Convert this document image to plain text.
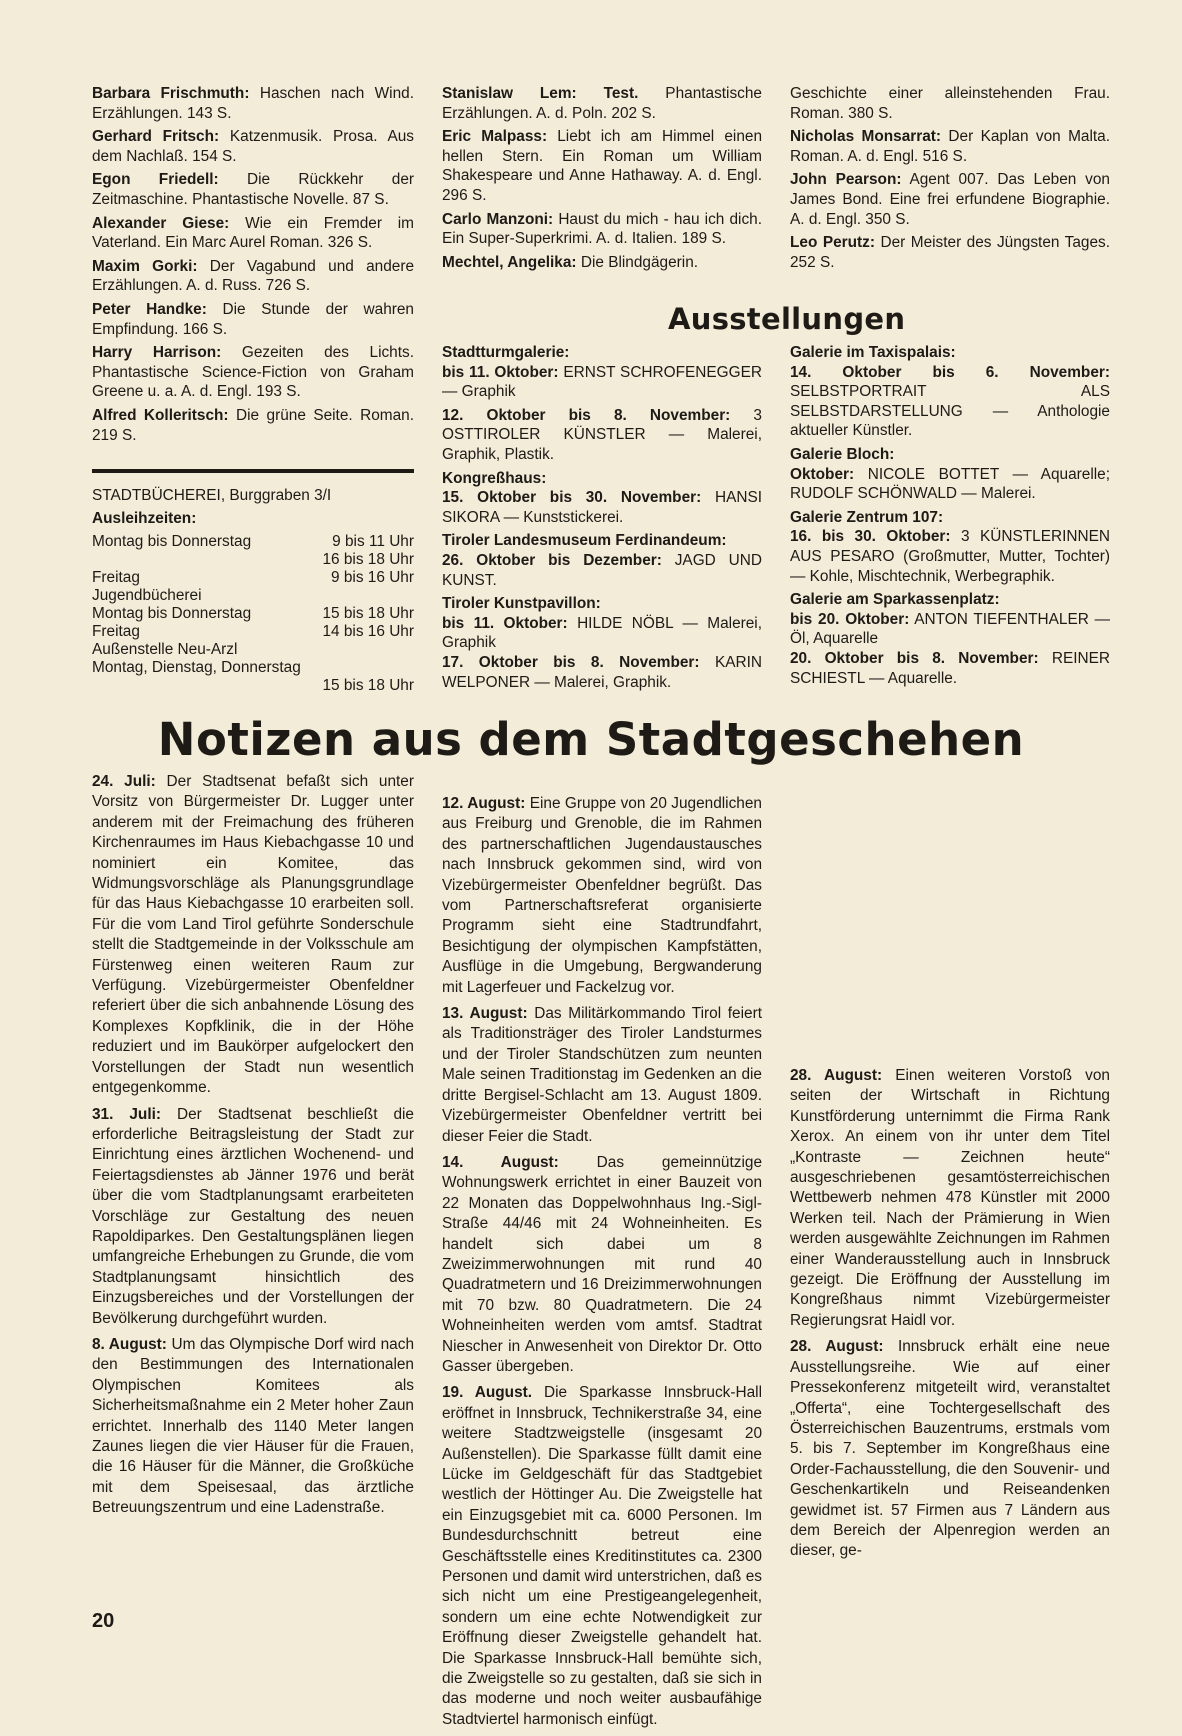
Barbara Frischmuth: Haschen nach Wind. Erzählungen. 143 S.

Gerhard Fritsch: Katzenmusik. Prosa. Aus dem Nachlaß. 154 S.

Egon Friedell: Die Rückkehr der Zeitmaschine. Phantastische Novelle. 87 S.

Alexander Giese: Wie ein Fremder im Vaterland. Ein Marc Aurel Roman. 326 S.

Maxim Gorki: Der Vagabund und andere Erzählungen. A. d. Russ. 726 S.

Peter Handke: Die Stunde der wahren Empfindung. 166 S.

Harry Harrison: Gezeiten des Lichts. Phantastische Science-Fiction von Graham Greene u. a. A. d. Engl. 193 S.

Alfred Kolleritsch: Die grüne Seite. Roman. 219 S.

STADTBÜCHEREI, Burggraben 3/I
Ausleihzeiten:
Montag bis Donnerstag	9 bis 11 Uhr
16 bis 18 Uhr
Freitag	9 bis 16 Uhr
Jugendbücherei
Montag bis Donnerstag	15 bis 18 Uhr
Freitag	14 bis 16 Uhr
Außenstelle Neu-Arzl
Montag, Dienstag, Donnerstag
15 bis 18 Uhr

Stanislaw Lem: Test. Phantastische Erzählungen. A. d. Poln. 202 S.

Eric Malpass: Liebt ich am Himmel einen hellen Stern. Ein Roman um William Shakespeare und Anne Hathaway. A. d. Engl. 296 S.

Carlo Manzoni: Haust du mich - hau ich dich. Ein Super-Superkrimi. A. d. Italien. 189 S.

Mechtel, Angelika: Die Blindgägerin.

Geschichte einer alleinstehenden Frau. Roman. 380 S.

Nicholas Monsarrat: Der Kaplan von Malta. Roman. A. d. Engl. 516 S.

John Pearson: Agent 007. Das Leben von James Bond. Eine frei erfundene Biographie. A. d. Engl. 350 S.

Leo Perutz: Der Meister des Jüngsten Tages. 252 S.

Ausstellungen

Stadtturmgalerie:
bis 11. Oktober: ERNST SCHROFENEGGER — Graphik

12. Oktober bis 8. November: 3 OSTTIROLER KÜNSTLER — Malerei, Graphik, Plastik.

Kongreßhaus:
15. Oktober bis 30. November: HANSI SIKORA — Kunststickerei.

Tiroler Landesmuseum Ferdinandeum:
26. Oktober bis Dezember: JAGD UND KUNST.

Tiroler Kunstpavillon:
bis 11. Oktober: HILDE NÖBL — Malerei, Graphik
17. Oktober bis 8. November: KARIN WELPONER — Malerei, Graphik.

Galerie im Taxispalais:
14. Oktober bis 6. November: SELBSTPORTRAIT ALS SELBSTDARSTELLUNG — Anthologie aktueller Künstler.

Galerie Bloch:
Oktober: NICOLE BOTTET — Aquarelle; RUDOLF SCHÖNWALD — Malerei.

Galerie Zentrum 107:
16. bis 30. Oktober: 3 KÜNSTLERINNEN AUS PESARO (Großmutter, Mutter, Tochter) — Kohle, Mischtechnik, Werbegraphik.

Galerie am Sparkassenplatz:
bis 20. Oktober: ANTON TIEFENTHALER — Öl, Aquarelle
20. Oktober bis 8. November: REINER SCHIESTL — Aquarelle.

Notizen aus dem Stadtgeschehen

24. Juli: Der Stadtsenat befaßt sich unter Vorsitz von Bürgermeister Dr. Lugger unter anderem mit der Freimachung des früheren Kirchenraumes im Haus Kiebachgasse 10 und nominiert ein Komitee, das Widmungsvorschläge als Planungsgrundlage für das Haus Kiebachgasse 10 erarbeiten soll. Für die vom Land Tirol geführte Sonderschule stellt die Stadtgemeinde in der Volksschule am Fürstenweg einen weiteren Raum zur Verfügung. Vizebürgermeister Obenfeldner referiert über die sich anbahnende Lösung des Komplexes Kopfklinik, die in der Höhe reduziert und im Baukörper aufgelockert den Vorstellungen der Stadt nun wesentlich entgegenkomme.

31. Juli: Der Stadtsenat beschließt die erforderliche Beitragsleistung der Stadt zur Einrichtung eines ärztlichen Wochenend- und Feiertagsdienstes ab Jänner 1976 und berät über die vom Stadtplanungsamt erarbeiteten Vorschläge zur Gestaltung des neuen Rapoldiparkes. Den Gestaltungsplänen liegen umfangreiche Erhebungen zu Grunde, die vom Stadtplanungsamt hinsichtlich des Einzugsbereiches und der Vorstellungen der Bevölkerung durchgeführt wurden.

8. August: Um das Olympische Dorf wird nach den Bestimmungen des Internationalen Olympischen Komitees als Sicherheitsmaßnahme ein 2 Meter hoher Zaun errichtet. Innerhalb des 1140 Meter langen Zaunes liegen die vier Häuser für die Frauen, die 16 Häuser für die Männer, die Großküche mit dem Speisesaal, das ärztliche Betreuungszentrum und eine Ladenstraße.

12. August: Eine Gruppe von 20 Jugendlichen aus Freiburg und Grenoble, die im Rahmen des partnerschaftlichen Jugendaustausches nach Innsbruck gekommen sind, wird von Vizebürgermeister Obenfeldner begrüßt. Das vom Partnerschaftsreferat organisierte Programm sieht eine Stadtrundfahrt, Besichtigung der olympischen Kampfstätten, Ausflüge in die Umgebung, Bergwanderung mit Lagerfeuer und Fackelzug vor.

13. August: Das Militärkommando Tirol feiert als Traditionsträger des Tiroler Landsturmes und der Tiroler Standschützen zum neunten Male seinen Traditionstag im Gedenken an die dritte Bergisel-Schlacht am 13. August 1809. Vizebürgermeister Obenfeldner vertritt bei dieser Feier die Stadt.

14. August: Das gemeinnützige Wohnungswerk errichtet in einer Bauzeit von 22 Monaten das Doppelwohnhaus Ing.-Sigl-Straße 44/46 mit 24 Wohneinheiten. Es handelt sich dabei um 8 Zweizimmerwohnungen mit rund 40 Quadratmetern und 16 Dreizimmerwohnungen mit 70 bzw. 80 Quadratmetern. Die 24 Wohneinheiten werden vom amtsf. Stadtrat Niescher in Anwesenheit von Direktor Dr. Otto Gasser übergeben.

19. August. Die Sparkasse Innsbruck-Hall eröffnet in Innsbruck, Technikerstraße 34, eine weitere Stadtzweigstelle (insgesamt 20 Außenstellen). Die Sparkasse füllt damit eine Lücke im Geldgeschäft für das Stadtgebiet westlich der Höttinger Au. Die Zweigstelle hat ein Einzugsgebiet mit ca. 6000 Personen. Im Bundesdurchschnitt betreut eine Geschäftsstelle eines Kreditinstitutes ca. 2300 Personen und damit wird unterstrichen, daß es sich nicht um eine Prestigeangelegenheit, sondern um eine echte Notwendigkeit zur Eröffnung dieser Zweigstelle gehandelt hat. Die Sparkasse Innsbruck-Hall bemühte sich, die Zweigstelle so zu gestalten, daß sie sich in das moderne und noch weiter ausbaufähige Stadtviertel harmonisch einfügt.

28. August: Einen weiteren Vorstoß von seiten der Wirtschaft in Richtung Kunstförderung unternimmt die Firma Rank Xerox. An einem von ihr unter dem Titel „Kontraste — Zeichnen heute“ ausgeschriebenen gesamtösterreichischen Wettbewerb nehmen 478 Künstler mit 2000 Werken teil. Nach der Prämierung in Wien werden ausgewählte Zeichnungen im Rahmen einer Wanderausstellung auch in Innsbruck gezeigt. Die Eröffnung der Ausstellung im Kongreßhaus nimmt Vizebürgermeister Regierungsrat Haidl vor.

28. August: Innsbruck erhält eine neue Ausstellungsreihe. Wie auf einer Pressekonferenz mitgeteilt wird, veranstaltet „Offerta“, eine Tochtergesellschaft des Österreichischen Bauzentrums, erstmals vom 5. bis 7. September im Kongreßhaus eine Order-Fachausstellung, die den Souvenir- und Geschenkartikeln und Reiseandenken gewidmet ist. 57 Firmen aus 7 Ländern aus dem Bereich der Alpenregion werden an dieser, ge-

20
